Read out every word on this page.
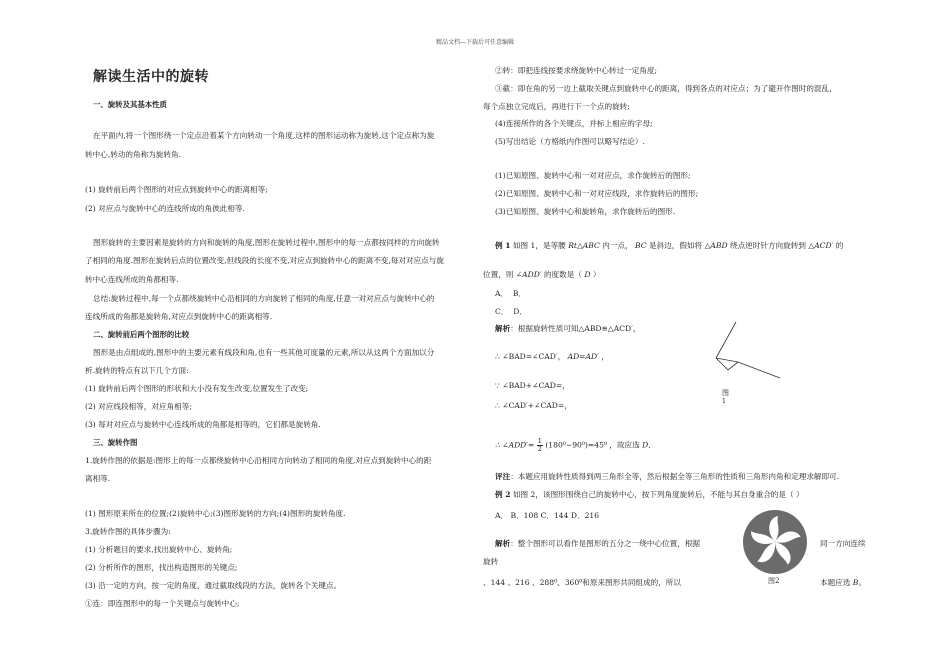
精品文档---下载后可任意编辑
解读生活中的旋转
一、旋转及其基本性质
在平面内,将一个图形绕一个定点沿着某个方向转动一个角度,这样的图形运动称为旋转,这个定点称为旋
转中心,转动的角称为旋转角.
(1) 旋转前后两个图形的对应点到旋转中心的距离相等;
(2) 对应点与旋转中心的连线所成的角彼此相等.
图形旋转的主要因素是旋转的方向和旋转的角度,图形在旋转过程中,图形中的每一点都按同样的方向旋转
了相同的角度.图形在旋转后点的位置改变,但线段的长度不变,对应点到旋转中心的距离不变,每对对应点与旋
转中心连线所成的角都相等.
总结:旋转过程中,每一个点都绕旋转中心沿相同的方向旋转了相同的角度,任意一对对应点与旋转中心的
连线所成的角都是旋转角,对应点到旋转中心的距离相等.
二、旋转前后两个图形的比较
图形是由点组成的,图形中的主要元素有线段和角,也有一些其他可度量的元素,所以从这两个方面加以分
析.旋转的特点有以下几个方面:
(1) 旋转前后两个图形的形状和大小没有发生改变,位置发生了改变;
(2) 对应线段相等，对应角相等;
(3) 每对对应点与旋转中心连线所成的角都是相等的，它们都是旋转角.
三、旋转作图
1.旋转作图的依据是:图形上的每一点都绕旋转中心沿相同方向转动了相同的角度,对应点到旋转中心的距
离相等.
(1) 图形原来所在的位置;(2)旋转中心;(3)图形旋转的方向;(4)图形的旋转角度.
3.旋转作图的具体步骤为:
(1) 分析题目的要求,找出旋转中心、旋转角;
(2) 分析所作的图形，找出构造图形的关键点;
(3) 沿一定的方向，按一定的角度，通过截取线段的方法，旋转各个关键点。
①连：即连图形中的每一个关键点与旋转中心;
②转：即把连线按要求绕旋转中心转过一定角度;
③截：即在角的另一边上截取关键点到旋转中心的距离，得到各点的对应点；为了避开作图时的混乱，
每个点独立完成后，再进行下一个点的旋转;
(4)连接所作的各个关键点，并标上相应的字母;
(5)写出结论（方格纸内作图可以略写结论）.
(1)已知原图、旋转中心和一对对应点，求作旋转后的图形;
(2)已知原图、旋转中心和一对对应线段，求作旋转后的图形;
(3)已知原图、旋转中心和旋转角，求作旋转后的图形.
例 1 如图 1，是等腰 Rt△ABC 内一点， BC 是斜边，假如将 △ABD 绕点逆时针方向旋转到 △ACD′ 的
位置，则 ∠ADD′ 的度数是（ D ）
A． B．
C． D．
解析：根据旋转性质可知△ABD≌△ACD′，
∴ ∠BAD=∠CAD′， AD=AD′ ，
∵ ∠BAD+∠CAD=，
∴ ∠CAD′+∠CAD=，
∴ ∠ADD′= $\frac{1}{2} (180^0-90^0)=45^0$ ，故应选 D．
评注：本题应用旋转性质得到两三角形全等，然后根据全等三角形的性质和三角形内角和定理求解即可.
例 2 如图 2，该图形围绕自己的旋转中心，按下列角度旋转后，不能与其自身重合的是（ ）
A． B．108 C．144 D．216
解析：整个图形可以看作是图形的五分之一绕中心位置，根据	同一方向连续
旋转
、144 、216 、288⁰、360⁰和原来图形共同组成的，所以	本题应选 B。
图
1
图2
